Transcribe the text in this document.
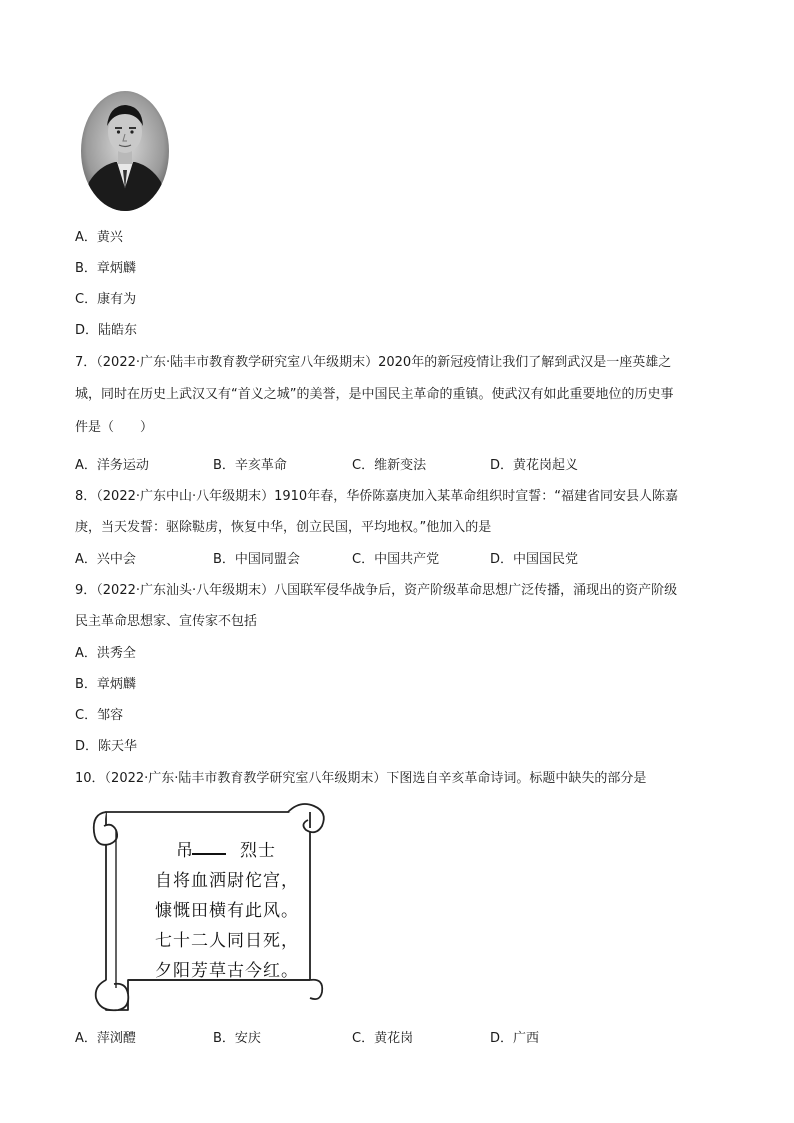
A．黄兴
B．章炳麟
C．康有为
D．陆皓东
7．（2022·广东·陆丰市教育教学研究室八年级期末）2020年的新冠疫情让我们了解到武汉是一座英雄之
城，同时在历史上武汉又有“首义之城”的美誉，是中国民主革命的重镇。使武汉有如此重要地位的历史事
件是（　　）
A．洋务运动	B．辛亥革命	C．维新变法	D．黄花岗起义
8．（2022·广东中山·八年级期末）1910年春，华侨陈嘉庚加入某革命组织时宣誓：“福建省同安县人陈嘉
庚，当天发誓：驱除鞑虏，恢复中华，创立民国，平均地权。”他加入的是
A．兴中会	B．中国同盟会	C．中国共产党	D．中国国民党
9．（2022·广东汕头·八年级期末）八国联军侵华战争后，资产阶级革命思想广泛传播，涌现出的资产阶级
民主革命思想家、宣传家不包括
A．洪秀全
B．章炳麟
C．邹容
D．陈天华
10．（2022·广东·陆丰市教育教学研究室八年级期末）下图选自辛亥革命诗词。标题中缺失的部分是
吊	烈士
自将血洒尉佗宫，
慷慨田横有此风。
七十二人同日死，
夕阳芳草古今红。
A．萍浏醴	B．安庆	C．黄花岗	D．广西
